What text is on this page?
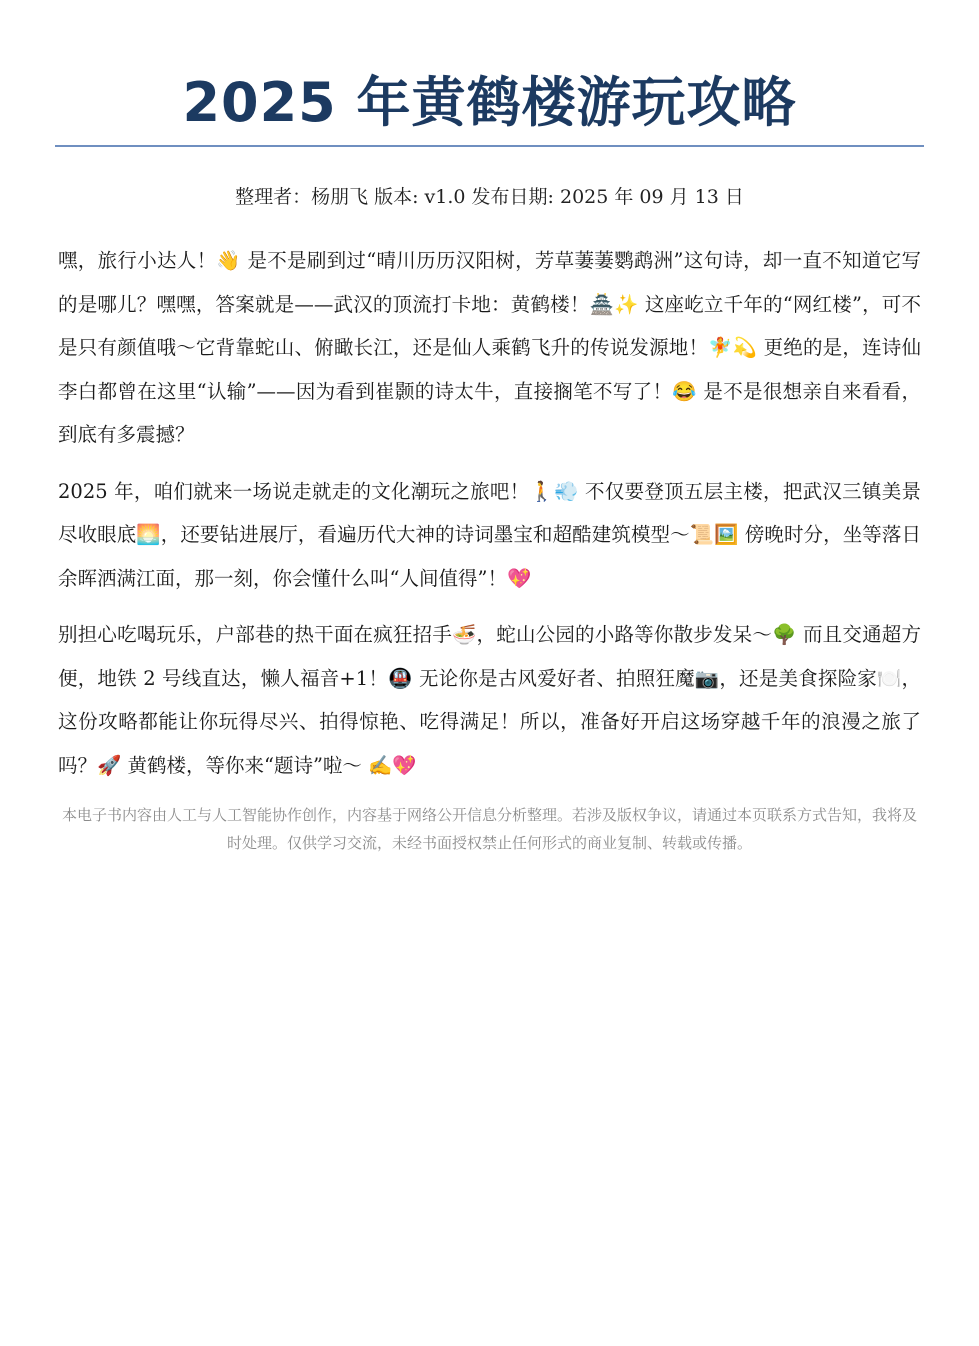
2025 年黄鹤楼游玩攻略
整理者：杨朋飞 版本: v1.0 发布日期: 2025 年 09 月 13 日

嘿，旅行小达人！👋 是不是刷到过“晴川历历汉阳树，芳草萋萋鹦鹉洲”这句诗，却一直不知道它写的是哪儿？嘿嘿，答案就是——武汉的顶流打卡地：黄鹤楼！🏯✨ 这座屹立千年的“网红楼”，可不是只有颜值哦～它背靠蛇山、俯瞰长江，还是仙人乘鹤飞升的传说发源地！🧚💫 更绝的是，连诗仙李白都曾在这里“认输”——因为看到崔颢的诗太牛，直接搁笔不写了！😂 是不是很想亲自来看看，到底有多震撼？

2025 年，咱们就来一场说走就走的文化潮玩之旅吧！🚶💨 不仅要登顶五层主楼，把武汉三镇美景尽收眼底🌅，还要钻进展厅，看遍历代大神的诗词墨宝和超酷建筑模型～📜🖼️ 傍晚时分，坐等落日余晖洒满江面，那一刻，你会懂什么叫“人间值得”！💖

别担心吃喝玩乐，户部巷的热干面在疯狂招手🍜，蛇山公园的小路等你散步发呆～🌳 而且交通超方便，地铁 2 号线直达，懒人福音+1！🚇 无论你是古风爱好者、拍照狂魔📷，还是美食探险家🍽️，这份攻略都能让你玩得尽兴、拍得惊艳、吃得满足！所以，准备好开启这场穿越千年的浪漫之旅了吗？🚀 黄鹤楼，等你来“题诗”啦～ ✍️💖

本电子书内容由人工与人工智能协作创作，内容基于网络公开信息分析整理。若涉及版权争议，请通过本页联系方式告知，我将及时处理。仅供学习交流，未经书面授权禁止任何形式的商业复制、转载或传播。
